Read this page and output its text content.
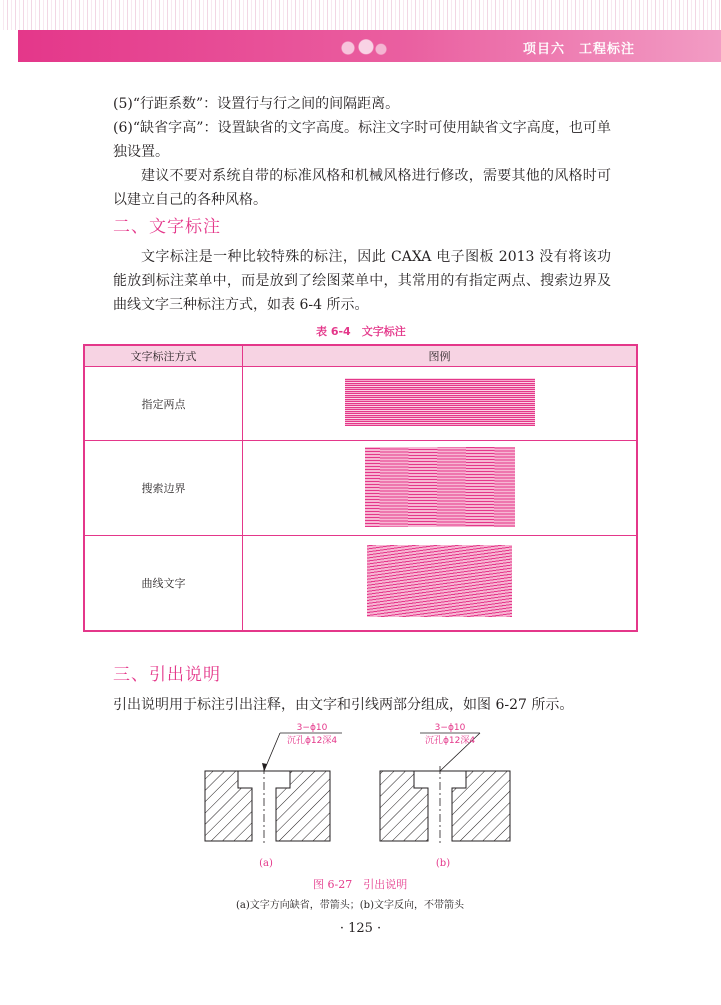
项目六　工程标注
(5)“行距系数”：设置行与行之间的间隔距离。
(6)“缺省字高”：设置缺省的文字高度。标注文字时可使用缺省文字高度，也可单独设置。
建议不要对系统自带的标准风格和机械风格进行修改，需要其他的风格时可以建立自己的各种风格。
二、文字标注
文字标注是一种比较特殊的标注，因此 CAXA 电子图板 2013 没有将该功能放到标注菜单中，而是放到了绘图菜单中，其常用的有指定两点、搜索边界及曲线文字三种标注方式，如表 6-4 所示。
表 6-4　文字标注
文字标注方式	图例
指定两点	
搜索边界	
曲线文字	
三、引出说明
引出说明用于标注引出注释，由文字和引线两部分组成，如图 6-27 所示。
3−ϕ10
沉孔ϕ12深4
(a)
3−ϕ10
沉孔ϕ12深4
(b)
图 6-27　引出说明
(a)文字方向缺省，带箭头；(b)文字反向，不带箭头
· 125 ·
